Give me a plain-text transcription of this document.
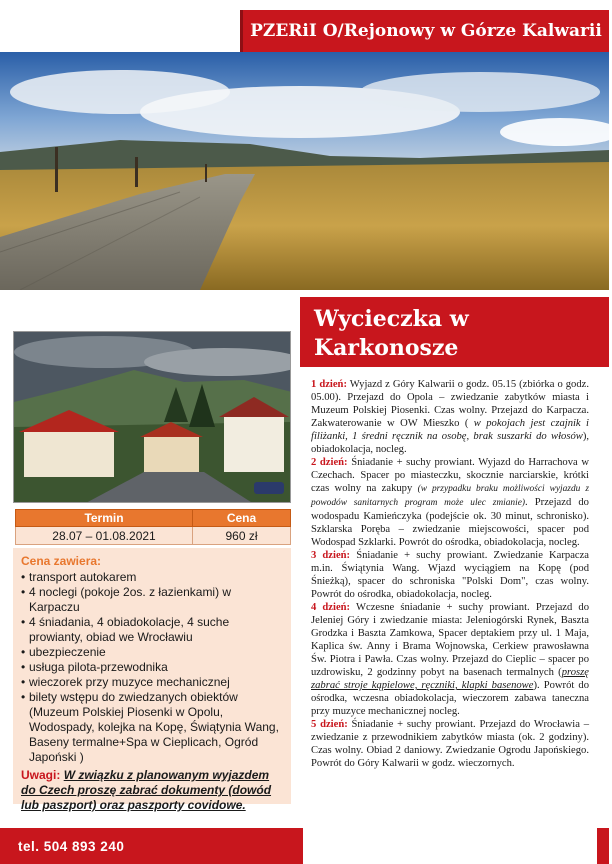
PZERiI O/Rejonowy w Górze Kalwarii
Wycieczka w
Karkonosze
Termin	Cena
28.07 – 01.08.2021	960 zł
Cena zawiera:
• transport autokarem
• 4 noclegi (pokoje 2os. z łazienkami) w Karpaczu
• 4 śniadania, 4 obiadokolacje, 4 suche prowianty, obiad we Wrocławiu
• ubezpieczenie
• usługa pilota-przewodnika
• wieczorek przy muzyce mechanicznej
• bilety wstępu do zwiedzanych obiektów (Muzeum Polskiej Piosenki w Opolu, Wodospady, kolejka na Kopę, Świątynia Wang, Baseny termalne+Spa w Cieplicach, Ogród Japoński )

Uwagi: W związku z planowanym wyjazdem do Czech proszę zabrać dokumenty (dowód lub paszport) oraz paszporty covidowe.

1 dzień: Wyjazd z Góry Kalwarii o godz. 05.15 (zbiórka o godz. 05.00). Przejazd do Opola – zwiedzanie zabytków miasta i Muzeum Polskiej Piosenki. Czas wolny. Przejazd do Karpacza. Zakwaterowanie w OW Mieszko ( w pokojach jest czajnik i filiżanki, 1 średni ręcznik na osobę, brak suszarki do włosów), obiadokolacja, nocleg.

2 dzień: Śniadanie + suchy prowiant. Wyjazd do Harrachova w Czechach. Spacer po miasteczku, skocznie narciarskie, krótki czas wolny na zakupy (w przypadku braku możliwości wyjazdu z powodów sanitarnych program może ulec zmianie). Przejazd do wodospadu Kamieńczyka (podejście ok. 30 minut, schronisko). Szklarska Poręba – zwiedzanie miejscowości, spacer pod Wodospad Szklarki. Powrót do ośrodka, obiadokolacja, nocleg.

3 dzień: Śniadanie + suchy prowiant. Zwiedzanie Karpacza m.in. Świątynia Wang. Wjazd wyciągiem na Kopę (pod Śnieżką), spacer do schroniska "Polski Dom", czas wolny. Powrót do ośrodka, obiadokolacja, nocleg.

4 dzień: Wczesne śniadanie + suchy prowiant. Przejazd do Jeleniej Góry i zwiedzanie miasta: Jeleniogórski Rynek, Baszta Grodzka i Baszta Zamkowa, Spacer deptakiem przy ul. 1 Maja, Kaplica św. Anny i Brama Wojnowska, Cerkiew prawosławna Św. Piotra i Pawła. Czas wolny. Przejazd do Cieplic – spacer po uzdrowisku, 2 godzinny pobyt na basenach termalnych (proszę zabrać stroje kąpielowe, ręczniki, klapki basenowe). Powrót do ośrodka, wczesna obiadokolacja, wieczorem zabawa taneczna przy muzyce mechanicznej nocleg.

5 dzień: Śniadanie + suchy prowiant. Przejazd do Wrocławia – zwiedzanie z przewodnikiem zabytków miasta (ok. 2 godziny). Czas wolny. Obiad 2 daniowy. Zwiedzanie Ogrodu Japońskiego. Powrót do Góry Kalwarii w godz. wieczornych.

tel. 504 893 240
